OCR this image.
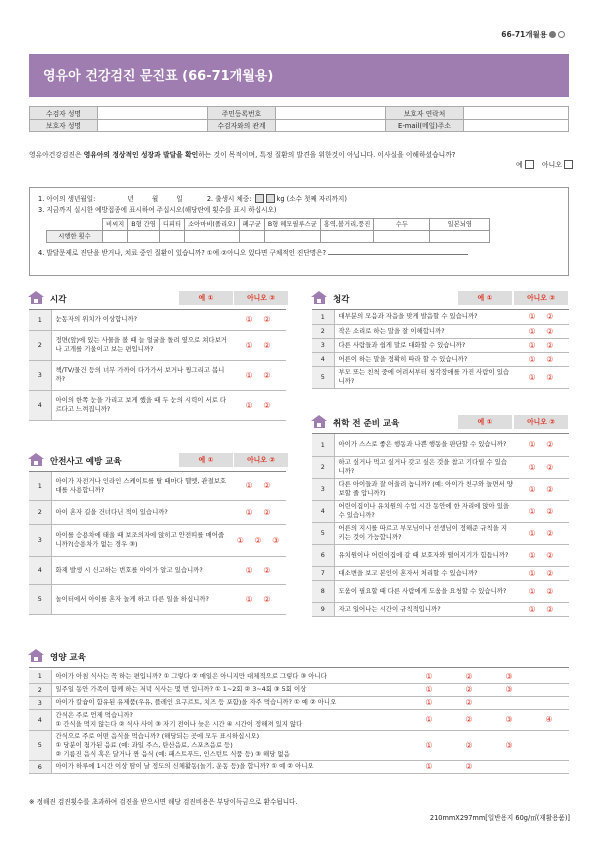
66-71개월용
영유아 건강검진 문진표 (66-71개월용)
수검자 성명		주민등록번호		보호자 연락처	
보호자 성명		수검자와의 관계		E-mail(메일)주소	
영유아건강검진은 영유아의 정상적인 성장과 발달을 확인하는 것이 목적이며, 특정 질환의 발견을 위한것이 아닙니다. 이사실을 이해하셨습니까?
예	아니오
1. 아이의 생년월일:	년	월	일	2. 출생시 체중:	kg (소수 첫째 자리까지)
3. 지금까지 실시한 예방접종에 표시하여 주십시오(해당란에 횟수를 표시 하십시오)
	비씨지	B형 간염	디피티	소아마비(폴리오)	폐구균	B형 헤모필루스균	홍역,볼거리,풍진	수두	일본뇌염
시행한 횟수									
4. 발달문제로 진단을 받거나, 치료 중인 질환이 있습니까? ①예 ②아니오 있다면 구체적인 진단명은?
시각	예 ①	아니오 ②
1	눈동자의 위치가 이상합니까?	① ②
2	정면(앞)에 있는 사물을 볼 때 늘 얼굴을 돌려 옆으로 쳐다보거나 고개를 기울이고 보는 편입니까?	① ②
3	책/TV/물건 등의 너무 가까이 다가가서 보거나 찡그리고 봅니까?	① ②
4	아이의 한쪽 눈을 가리고 보게 했을 때 두 눈의 시력이 서로 다르다고 느껴집니까?	① ②
안전사고 예방 교육	예 ①	아니오 ②
1	아이가 자전거나 인라인 스케이트를 탈 때마다 헬멧, 관절보호대를 사용합니까?	① ②
2	아이 혼자 길을 건너다닌 적이 있습니까?	① ②
3	아이를 승용차에 태울 때 보조의자에 앉히고 안전띠를 매어줍니까?(승용차가 없는 경우 ③)	① ② ③
4	화재 발생 시 신고하는 번호를 아이가 알고 있습니까?	① ②
5	놀이터에서 아이를 혼자 놀게 하고 다른 일을 하십니까?	① ②
청각	예 ①	아니오 ②
1	대부분의 모음과 자음을 맞게 발음할 수 있습니까?	① ②
2	작은 소리로 하는 말을 잘 이해합니까?	① ②
3	다른 사람들과 쉽게 말로 대화할 수 있습니까?	① ②
4	어른이 하는 말을 정확히 따라 할 수 있습니까?	① ②
5	부모 또는 친척 중에 어려서부터 청각장애를 가진 사람이 있습니까?	① ②
취학 전 준비 교육	예 ①	아니오 ②
1	아이가 스스로 좋은 행동과 나쁜 행동을 판단할 수 있습니까?	① ②
2	하고 싶거나 먹고 싶거나 갖고 싶은 것을 참고 기다릴 수 있습니까?	① ②
3	다른 아이들과 잘 어울려 놉니까? (예: 아이가 친구와 놀면서 양보할 줄 압니까?)	① ②
4	어린이집이나 유치원의 수업 시간 동안에 한 자리에 앉아 있을 수 있습니까?	① ②
5	어른의 지시를 따르고 부모님이나 선생님이 정해준 규칙을 지키는 것이 가능합니까?	① ②
6	유치원이나 어린이집에 갈 때 보호자와 떨어지기가 힘듭니까?	① ②
7	대소변을 보고 본인이 혼자서 처리할 수 있습니까?	① ②
8	도움이 필요할 때 다른 사람에게 도움을 요청할 수 있습니까?	① ②
9	자고 일어나는 시간이 규칙적입니까?	① ②
영양 교육
1	아이가 아침 식사는 꼭 하는 편입니까? ① 그렇다 ② 매일은 아니지만 대체적으로 그렇다 ③ 아니다	①	②	③	
2	일주일 동안 가족이 함께 하는 저녁 식사는 몇 번 입니까? ① 1~2회 ② 3~4회 ③ 5회 이상	①	②	③	
3	아이가 칼슘이 함유된 유제품(우유, 플레인 요구르트, 치즈 등 포함)을 자주 먹습니까? ① 예 ② 아니오	①	②		
4	간식은 주로 언제 먹습니까?
① 간식을 먹지 않는다 ② 식사 사이 ③ 자기 전이나 늦은 시간 ④ 시간이 정해져 있지 않다	①	②	③	④
5	간식으로 주로 어떤 음식을 먹습니까? (해당되는 곳에 모두 표시하십시오)
① 당분이 첨가된 음료 (예: 과일 주스, 탄산음료, 스포츠음료 등)
② 기름진 음식 혹은 달거나 짠 음식 (예: 패스트푸드, 인스턴트 식품 등) ③ 해당 없음	①	②	③	
6	아이가 하루에 1시간 이상 땀이 날 정도의 신체활동(놀기, 운동 등)을 합니까? ① 예 ② 아니오	①	②		
※ 정해진 검진횟수를 초과하여 검진을 받으시면 해당 검진비용은 부당이득금으로 환수됩니다.
210mmX297mm[일반용지 60g/㎡(재활용품)]
